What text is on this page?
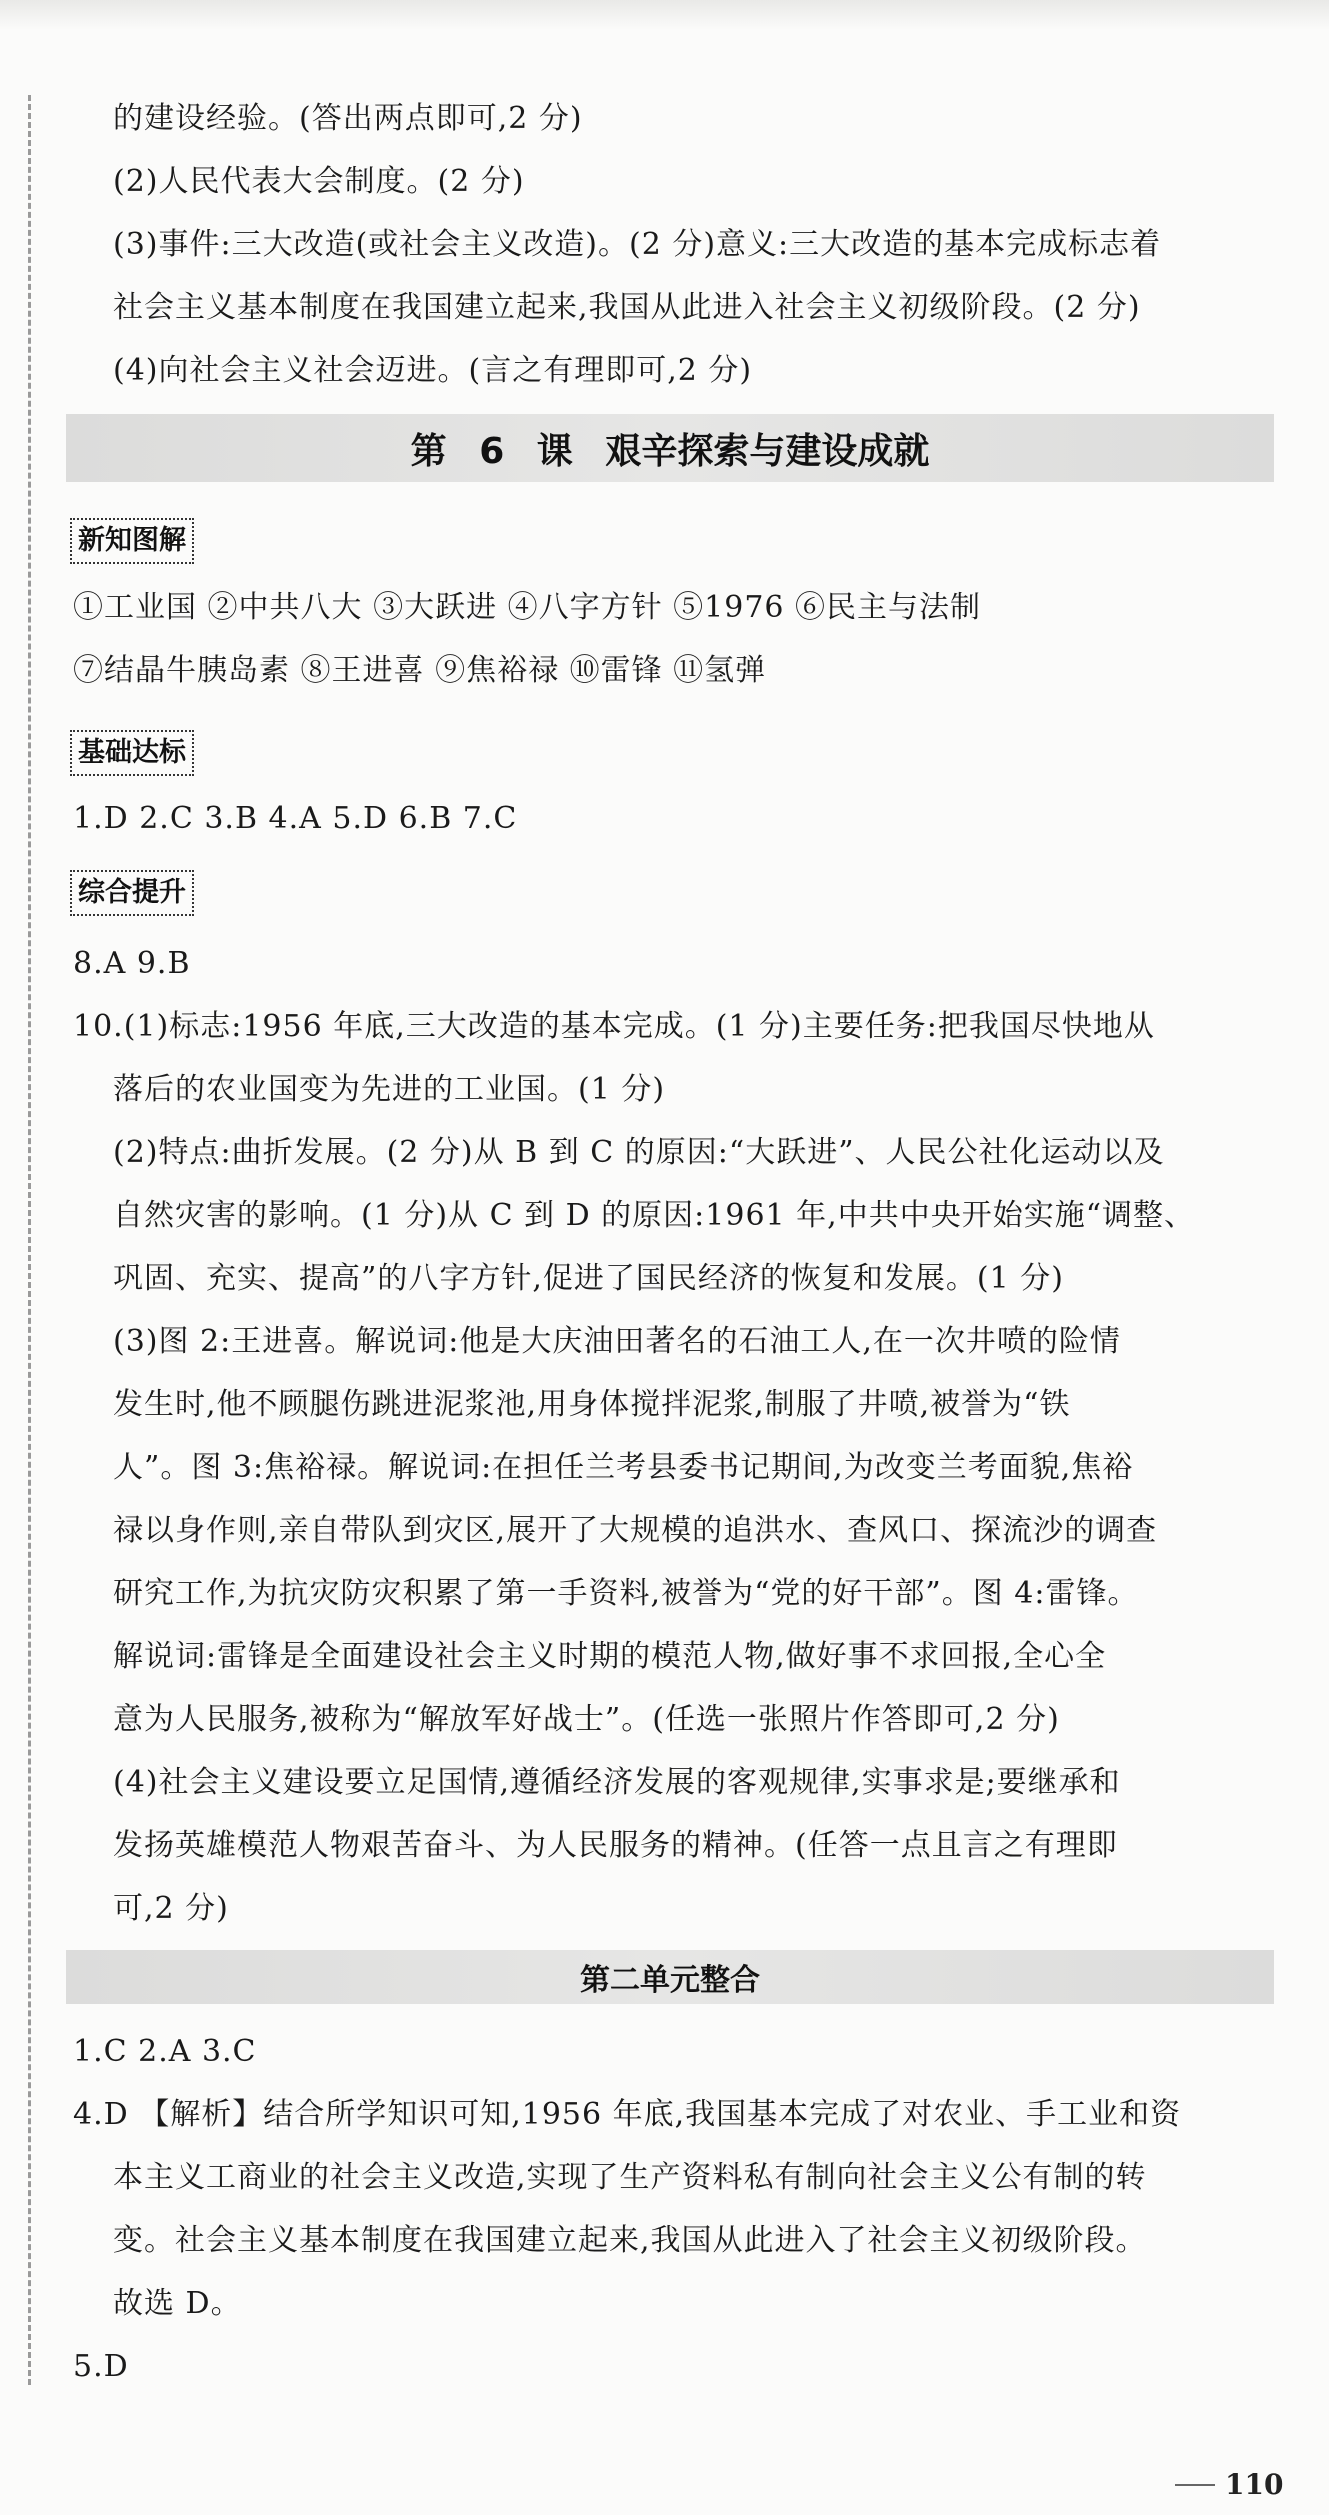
的建设经验。(答出两点即可,2 分)
(2)人民代表大会制度。(2 分)
(3)事件:三大改造(或社会主义改造)。(2 分)意义:三大改造的基本完成标志着
社会主义基本制度在我国建立起来,我国从此进入社会主义初级阶段。(2 分)
(4)向社会主义社会迈进。(言之有理即可,2 分)
第 6 课 艰辛探索与建设成就
新知图解
①工业国 ②中共八大 ③大跃进 ④八字方针 ⑤1976 ⑥民主与法制
⑦结晶牛胰岛素 ⑧王进喜 ⑨焦裕禄 ⑩雷锋 ⑪氢弹
基础达标
1.D 2.C 3.B 4.A 5.D 6.B 7.C
综合提升
8.A 9.B
10.(1)标志:1956 年底,三大改造的基本完成。(1 分)主要任务:把我国尽快地从
落后的农业国变为先进的工业国。(1 分)
(2)特点:曲折发展。(2 分)从 B 到 C 的原因:“大跃进”、人民公社化运动以及
自然灾害的影响。(1 分)从 C 到 D 的原因:1961 年,中共中央开始实施“调整、
巩固、充实、提高”的八字方针,促进了国民经济的恢复和发展。(1 分)
(3)图 2:王进喜。解说词:他是大庆油田著名的石油工人,在一次井喷的险情
发生时,他不顾腿伤跳进泥浆池,用身体搅拌泥浆,制服了井喷,被誉为“铁
人”。图 3:焦裕禄。解说词:在担任兰考县委书记期间,为改变兰考面貌,焦裕
禄以身作则,亲自带队到灾区,展开了大规模的追洪水、查风口、探流沙的调查
研究工作,为抗灾防灾积累了第一手资料,被誉为“党的好干部”。图 4:雷锋。
解说词:雷锋是全面建设社会主义时期的模范人物,做好事不求回报,全心全
意为人民服务,被称为“解放军好战士”。(任选一张照片作答即可,2 分)
(4)社会主义建设要立足国情,遵循经济发展的客观规律,实事求是;要继承和
发扬英雄模范人物艰苦奋斗、为人民服务的精神。(任答一点且言之有理即
可,2 分)
第二单元整合
1.C 2.A 3.C
4.D 【解析】结合所学知识可知,1956 年底,我国基本完成了对农业、手工业和资
本主义工商业的社会主义改造,实现了生产资料私有制向社会主义公有制的转
变。社会主义基本制度在我国建立起来,我国从此进入了社会主义初级阶段。
故选 D。
5.D
110
